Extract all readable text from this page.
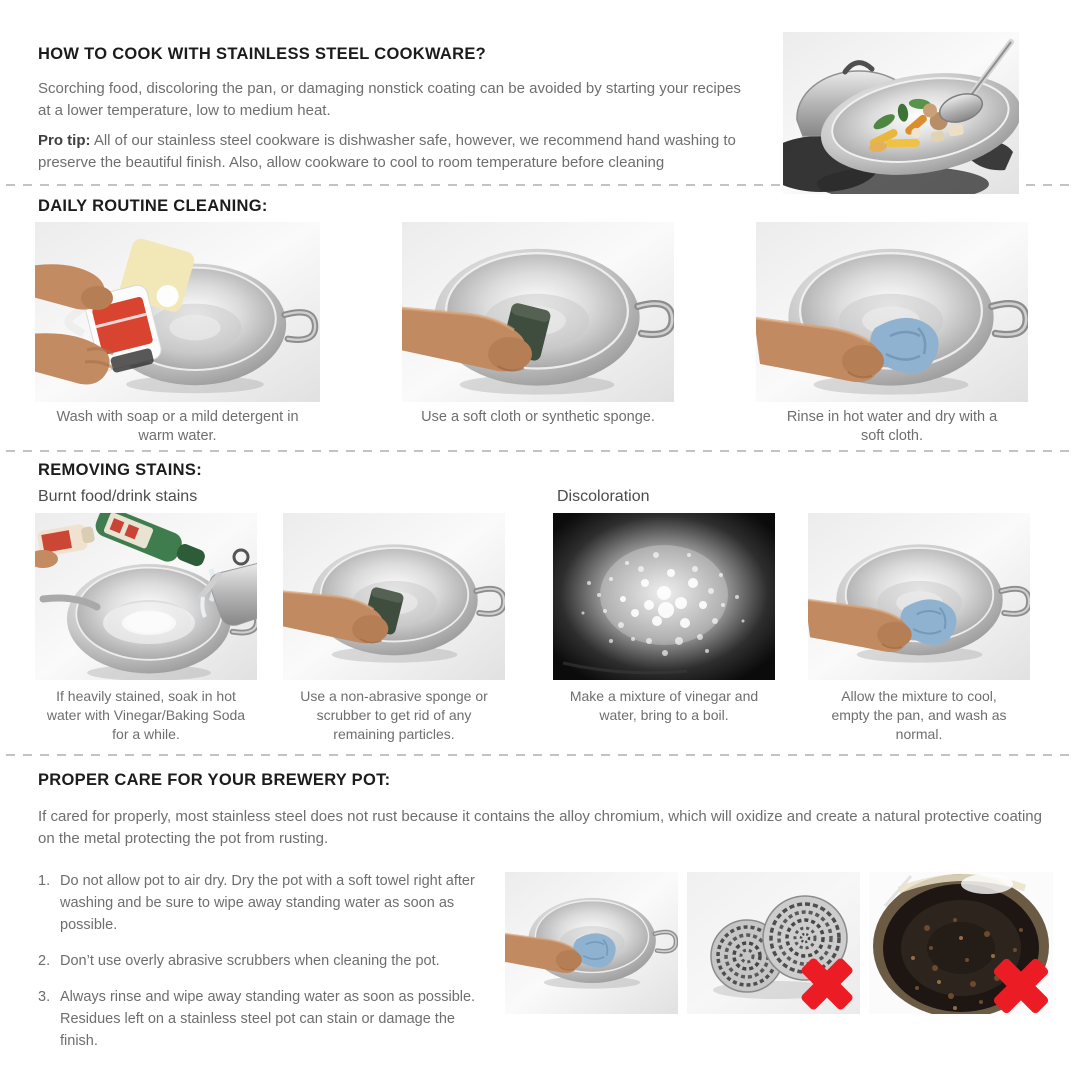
HOW TO COOK WITH STAINLESS STEEL COOKWARE?

Scorching food, discoloring the pan, or damaging nonstick coating can be avoided by starting your recipes at a lower temperature, low to medium heat.

Pro tip: All of our stainless steel cookware is dishwasher safe, however, we recommend hand washing to preserve the beautiful finish. Also, allow cookware to cool to room temperature before cleaning

DAILY ROUTINE CLEANING:
Wash with soap or a mild detergent in warm water.
Use a soft cloth or synthetic sponge.	Rinse in hot water and dry with a soft cloth.
REMOVING STAINS:
Burnt food/drink stains	Discoloration
If heavily stained, soak in hot water with Vinegar/Baking Soda for a while.
Use a non-abrasive sponge or scrubber to get rid of any remaining particles.
Make a mixture of vinegar and water, bring to a boil.
Allow the mixture to cool, empty the pan, and wash as normal.
PROPER CARE FOR YOUR BREWERY POT:

If cared for properly, most stainless steel does not rust because it contains the alloy chromium, which will oxidize and create a natural protective coating on the metal protecting the pot from rusting.

1. Do not allow pot to air dry. Dry the pot with a soft towel right after washing and be sure to wipe away standing water as soon as possible.
2. Don’t use overly abrasive scrubbers when cleaning the pot.
3. Always rinse and wipe away standing water as soon as possible. Residues left on a stainless steel pot can stain or damage the finish.
